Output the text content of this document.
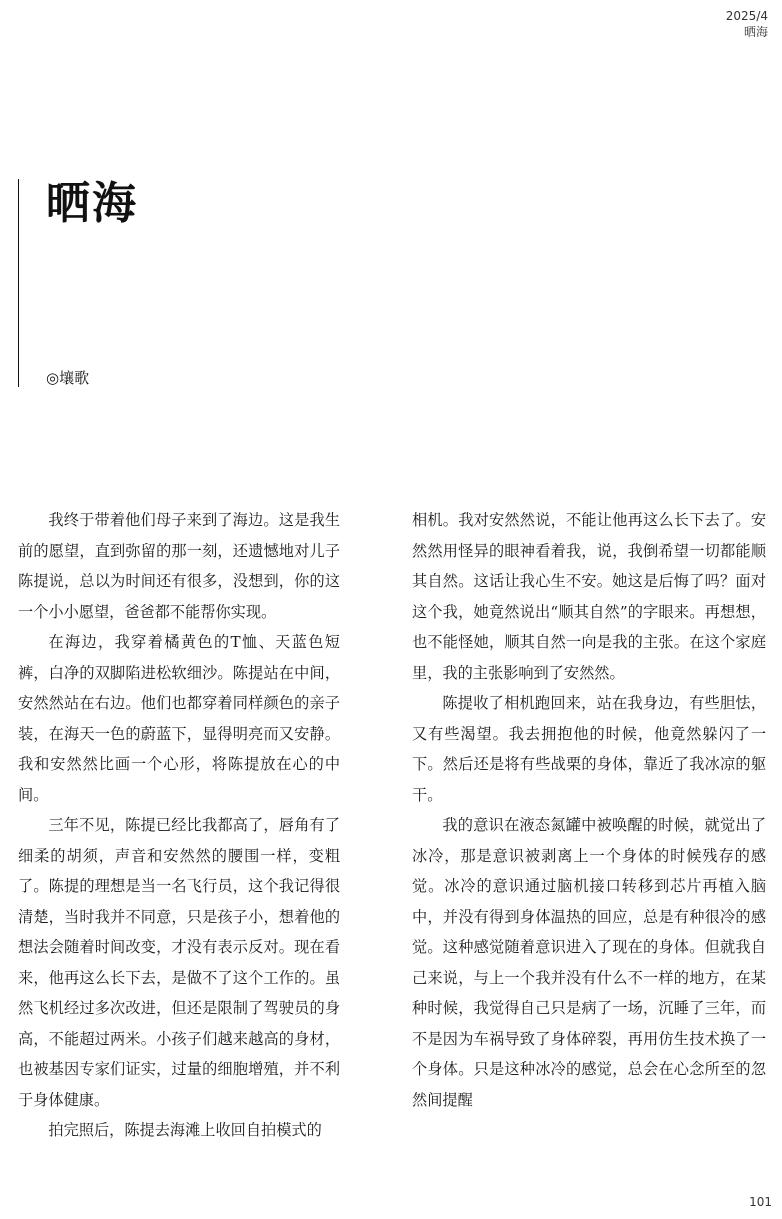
2025/4
晒海
晒海
◎壤歌

我终于带着他们母子来到了海边。这是我生前的愿望，直到弥留的那一刻，还遗憾地对儿子陈提说，总以为时间还有很多，没想到，你的这一个小小愿望，爸爸都不能帮你实现。

在海边，我穿着橘黄色的T恤、天蓝色短裤，白净的双脚陷进松软细沙。陈提站在中间，安然然站在右边。他们也都穿着同样颜色的亲子装，在海天一色的蔚蓝下，显得明亮而又安静。我和安然然比画一个心形，将陈提放在心的中间。

三年不见，陈提已经比我都高了，唇角有了细柔的胡须，声音和安然然的腰围一样，变粗了。陈提的理想是当一名飞行员，这个我记得很清楚，当时我并不同意，只是孩子小，想着他的想法会随着时间改变，才没有表示反对。现在看来，他再这么长下去，是做不了这个工作的。虽然飞机经过多次改进，但还是限制了驾驶员的身高，不能超过两米。小孩子们越来越高的身材，也被基因专家们证实，过量的细胞增殖，并不利于身体健康。

拍完照后，陈提去海滩上收回自拍模式的

相机。我对安然然说，不能让他再这么长下去了。安然然用怪异的眼神看着我，说，我倒希望一切都能顺其自然。这话让我心生不安。她这是后悔了吗？面对这个我，她竟然说出“顺其自然”的字眼来。再想想，也不能怪她，顺其自然一向是我的主张。在这个家庭里，我的主张影响到了安然然。

陈提收了相机跑回来，站在我身边，有些胆怯，又有些渴望。我去拥抱他的时候，他竟然躲闪了一下。然后还是将有些战栗的身体，靠近了我冰凉的躯干。

我的意识在液态氮罐中被唤醒的时候，就觉出了冰冷，那是意识被剥离上一个身体的时候残存的感觉。冰冷的意识通过脑机接口转移到芯片再植入脑中，并没有得到身体温热的回应，总是有种很冷的感觉。这种感觉随着意识进入了现在的身体。但就我自己来说，与上一个我并没有什么不一样的地方，在某种时候，我觉得自己只是病了一场，沉睡了三年，而不是因为车祸导致了身体碎裂，再用仿生技术换了一个身体。只是这种冰冷的感觉，总会在心念所至的忽然间提醒

101
